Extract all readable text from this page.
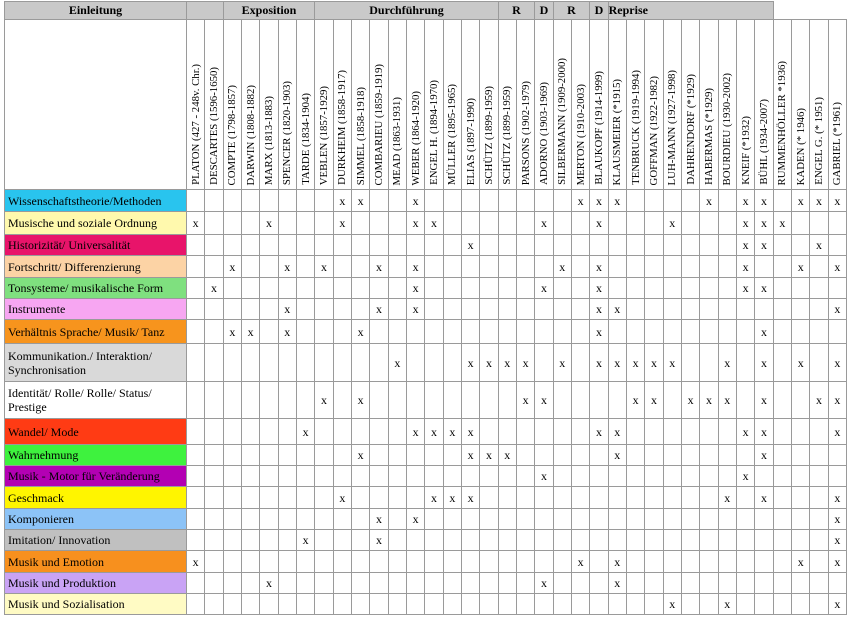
Einleitung			Exposition					Durchführung										R		D	R		D	Reprise												
	PLATON (427 - 248v. Chr.)	DESCARTES (1596-1650)	COMPTE (1798-1857)	DARWIN (1808-1882)	MARX (1813-1883)	SPENCER (1820-1903)	TARDE (1834-1904)	VEBLEN (1857-1929)	DURKHEIM (1858-1917)	SIMMEL (1858-1918)	COMBARIEU (1859-1919)	MEAD (1863-1931)	WEBER (1864-1920)	ENGEL H. (1894-1970)	MÜLLER (1895-1965)	ELIAS (1897-1990)	SCHÜTZ (1899-1959)	SCHÜTZ (1899-1959)	PARSONS (1902-1979)	ADORNO (1903-1969)	SILBERMANN (1909-2000)	MERTON (1910-2003)	BLAUKOPF (1914-1999)	KLAUSMEIER (*1915)	TENBRUCK (1919-1994)	GOFFMAN (1922-1982)	LUH-MANN (1927-1998)	DAHRENDORF (*1929)	HABERMAS (*1929)	BOURDIEU (1930-2002)	KNEIF (*1932)	BÜHL (1934-2007)	RUMMENHÖLLER *1936)	KADEN (* 1946)	ENGEL G. (* 1951)	GABRIEL (*1961)
Wissenschaftstheorie/Methoden									x	x			x									x	x	x					x		x	x		x	x	x
Musische und soziale Ordnung	x				x				x				x	x						x			x				x				x	x	x			
Historizität/ Universalität																x															x	x			x	
Fortschritt/ Differenzierung			x			x		x			x		x								x		x								x			x		x
Tonsysteme/ musikalische Form		x											x							x			x								x	x				
Instrumente						x					x		x										x	x												x
Verhältnis Sprache/ Musik/ Tanz			x	x		x				x													x									x				
Kommunikation./ Interaktion/ Synchronisation												x				x	x	x	x		x		x	x	x	x	x			x		x		x		x
Identität/ Rolle/ Rolle/ Status/ Prestige								x		x									x	x					x	x		x	x	x		x			x	x
Wandel/ Mode							x						x	x	x	x							x	x							x	x				x
Wahrnehmung										x						x	x	x						x								x				
Musik - Motor für Veränderung																				x											x					
Geschmack									x					x	x	x														x		x				x
Komponieren											x		x																							x
Imitation/ Innovation							x				x																									x
Musik und Emotion	x																					x		x										x		x
Musik und Produktion					x															x				x												
Musik und Sozialisation																											x			x						x
